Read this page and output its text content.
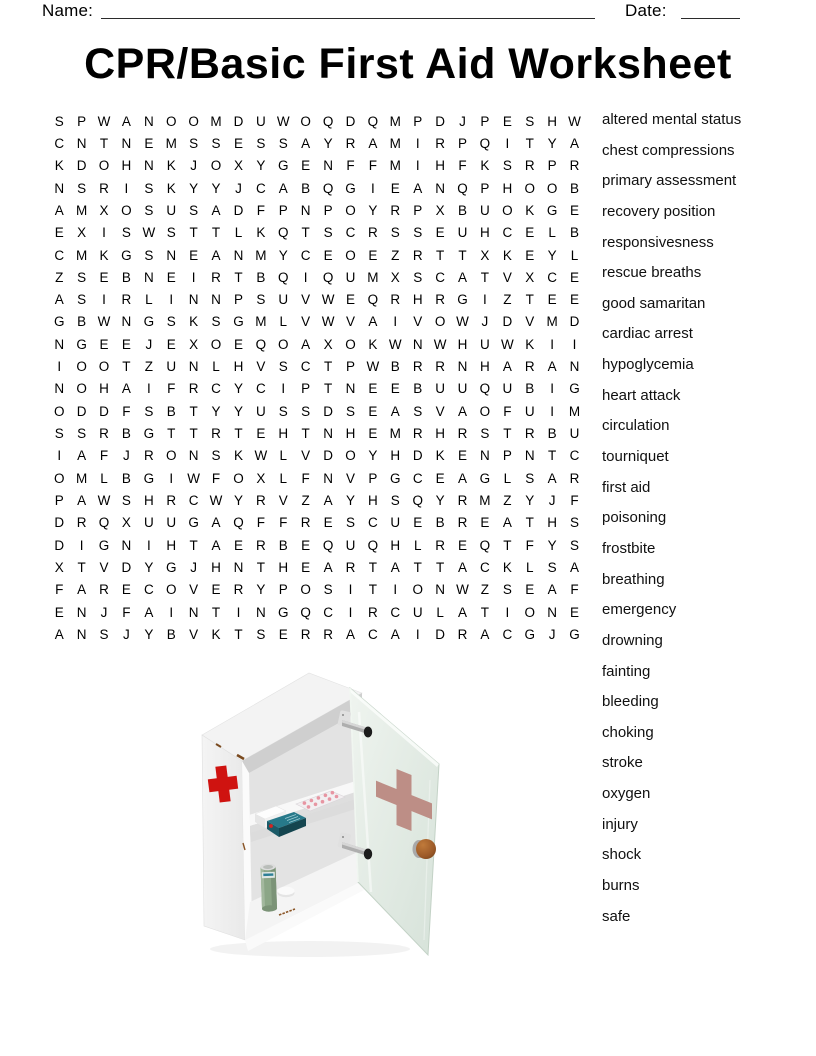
Name:	Date:
CPR/Basic First Aid Worksheet
S P W A N O O M D U W O Q D Q M P D	J	P E S H W
C N T N E M S S E S S A Y R A M	I	R P Q	I	T	Y A
K D O H N K	J	O X Y G E N F	F M	I	H F	K S R P R
N S R	I	S K Y Y	J	C A B Q G	I	E A N Q P H O O B
A M X O S U S A D F	P N P O Y R P X B U O K G E
E X	I	S W S	T	T	L	K Q T	S C R S S E U H C E	L	B
C M K G S N E A N M Y C E O E	Z R T	T	X K E Y	L
Z	S E B N E	I	R T	B Q	I	Q U M X S C A	T	V X C E
A S	I	R	L	I	N N P S U V W E Q R H R G	I	Z	T	E E
G B W N G S K S G M L	V W V A	I	V O W J	D V M D
N G E E	J	E X O E Q O A X O K W N W H U W K	I	I
I	O O T	Z U N	L	H V S C T	P W B R R N H A R A N
N O H A	I	F R C Y C	I	P	T N E E B U U Q U B	I	G
O D D F	S B	T	Y Y U S S D S E A S V A O F U	I	M
S S R B G T	T R T	E H T N H E M R H R S	T R B U
I	A	F	J	R O N S K W L	V D O Y H D K E N P N T C
O M L	B G	I	W F O X	L	F N V P G C E A G L	S A R
P A W S H R C W Y R V	Z	A Y H S Q Y R M Z	Y	J	F
D R Q X U U G A Q F	F R E S C U E B R E A	T H S
D	I	G N	I	H T	A E R B E Q U Q H	L	R E Q T	F	Y S
X	T	V D Y G	J	H N T H E A R T	A	T	T	A C K	L	S A
F	A R E C O V E R Y P O S	I	T	I	O N W Z	S E A	F
E N	J	F	A	I	N T	I	N G Q C	I	R C U	L	A	T	I	O N E
A N S	J	Y B V K	T	S E R R A C A	I	D R A C G	J	G
altered mental status
chest compressions
primary assessment
recovery position
responsivesness
rescue breaths
good samaritan
cardiac arrest
hypoglycemia
heart attack
circulation
tourniquet
first aid
poisoning
frostbite
breathing
emergency
drowning
fainting
bleeding
choking
stroke
oxygen
injury
shock
burns
safe
